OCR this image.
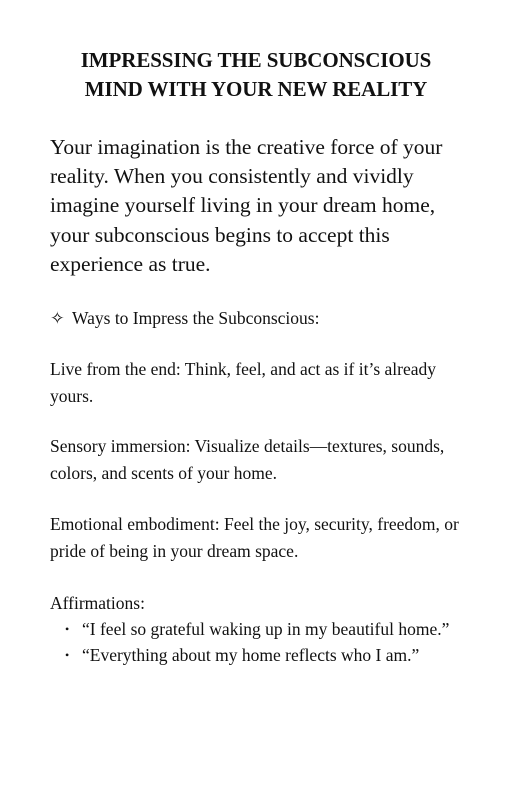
IMPRESSING THE SUBCONSCIOUS
MIND WITH YOUR NEW REALITY
Your imagination is the creative force of your reality. When you consistently and vividly imagine yourself living in your dream home, your subconscious begins to accept this experience as true.
✧ Ways to Impress the Subconscious:
Live from the end: Think, feel, and act as if it’s already yours.
Sensory immersion: Visualize details—textures, sounds, colors, and scents of your home.
Emotional embodiment: Feel the joy, security, freedom, or pride of being in your dream space.
Affirmations:
• “I feel so grateful waking up in my beautiful home.”
• “Everything about my home reflects who I am.”
